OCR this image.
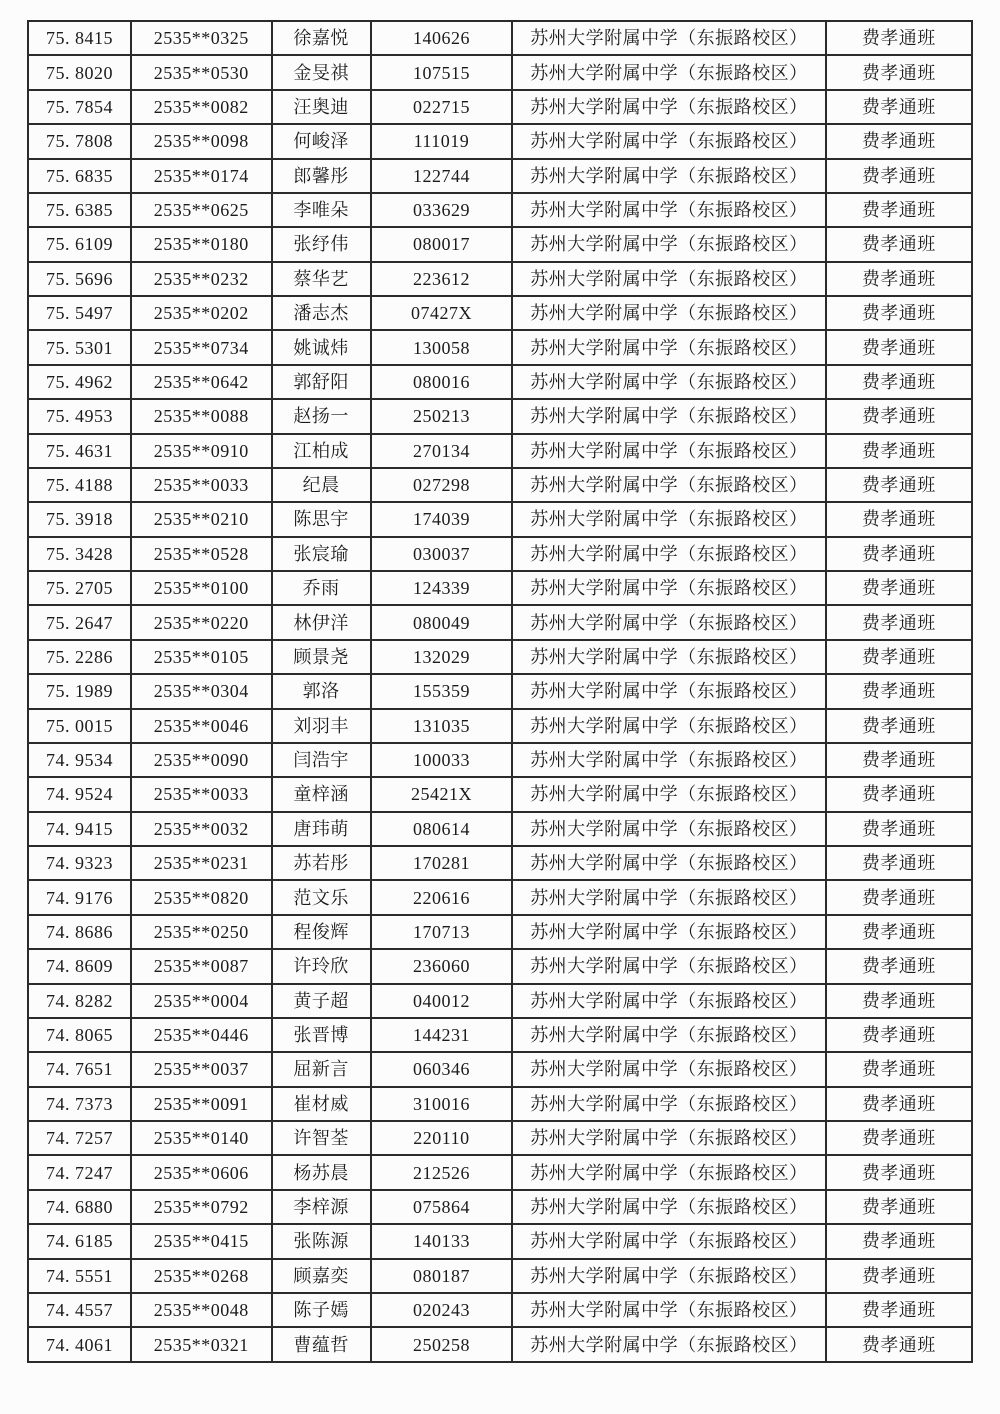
75. 8415	2535**0325	徐嘉悦	140626	苏州大学附属中学（东振路校区）	费孝通班
75. 8020	2535**0530	金旻祺	107515	苏州大学附属中学（东振路校区）	费孝通班
75. 7854	2535**0082	汪奥迪	022715	苏州大学附属中学（东振路校区）	费孝通班
75. 7808	2535**0098	何峻泽	111019	苏州大学附属中学（东振路校区）	费孝通班
75. 6835	2535**0174	郎馨彤	122744	苏州大学附属中学（东振路校区）	费孝通班
75. 6385	2535**0625	李唯朵	033629	苏州大学附属中学（东振路校区）	费孝通班
75. 6109	2535**0180	张纾伟	080017	苏州大学附属中学（东振路校区）	费孝通班
75. 5696	2535**0232	蔡华艺	223612	苏州大学附属中学（东振路校区）	费孝通班
75. 5497	2535**0202	潘志杰	07427X	苏州大学附属中学（东振路校区）	费孝通班
75. 5301	2535**0734	姚诚炜	130058	苏州大学附属中学（东振路校区）	费孝通班
75. 4962	2535**0642	郭舒阳	080016	苏州大学附属中学（东振路校区）	费孝通班
75. 4953	2535**0088	赵扬一	250213	苏州大学附属中学（东振路校区）	费孝通班
75. 4631	2535**0910	江柏成	270134	苏州大学附属中学（东振路校区）	费孝通班
75. 4188	2535**0033	纪晨	027298	苏州大学附属中学（东振路校区）	费孝通班
75. 3918	2535**0210	陈思宇	174039	苏州大学附属中学（东振路校区）	费孝通班
75. 3428	2535**0528	张宸瑜	030037	苏州大学附属中学（东振路校区）	费孝通班
75. 2705	2535**0100	乔雨	124339	苏州大学附属中学（东振路校区）	费孝通班
75. 2647	2535**0220	林伊洋	080049	苏州大学附属中学（东振路校区）	费孝通班
75. 2286	2535**0105	顾景尧	132029	苏州大学附属中学（东振路校区）	费孝通班
75. 1989	2535**0304	郭洛	155359	苏州大学附属中学（东振路校区）	费孝通班
75. 0015	2535**0046	刘羽丰	131035	苏州大学附属中学（东振路校区）	费孝通班
74. 9534	2535**0090	闫浩宇	100033	苏州大学附属中学（东振路校区）	费孝通班
74. 9524	2535**0033	童梓涵	25421X	苏州大学附属中学（东振路校区）	费孝通班
74. 9415	2535**0032	唐玮萌	080614	苏州大学附属中学（东振路校区）	费孝通班
74. 9323	2535**0231	苏若彤	170281	苏州大学附属中学（东振路校区）	费孝通班
74. 9176	2535**0820	范文乐	220616	苏州大学附属中学（东振路校区）	费孝通班
74. 8686	2535**0250	程俊辉	170713	苏州大学附属中学（东振路校区）	费孝通班
74. 8609	2535**0087	许玲欣	236060	苏州大学附属中学（东振路校区）	费孝通班
74. 8282	2535**0004	黄子超	040012	苏州大学附属中学（东振路校区）	费孝通班
74. 8065	2535**0446	张晋博	144231	苏州大学附属中学（东振路校区）	费孝通班
74. 7651	2535**0037	屈新言	060346	苏州大学附属中学（东振路校区）	费孝通班
74. 7373	2535**0091	崔材威	310016	苏州大学附属中学（东振路校区）	费孝通班
74. 7257	2535**0140	许智荃	220110	苏州大学附属中学（东振路校区）	费孝通班
74. 7247	2535**0606	杨苏晨	212526	苏州大学附属中学（东振路校区）	费孝通班
74. 6880	2535**0792	李梓源	075864	苏州大学附属中学（东振路校区）	费孝通班
74. 6185	2535**0415	张陈源	140133	苏州大学附属中学（东振路校区）	费孝通班
74. 5551	2535**0268	顾嘉奕	080187	苏州大学附属中学（东振路校区）	费孝通班
74. 4557	2535**0048	陈子嫣	020243	苏州大学附属中学（东振路校区）	费孝通班
74. 4061	2535**0321	曹蕴哲	250258	苏州大学附属中学（东振路校区）	费孝通班
